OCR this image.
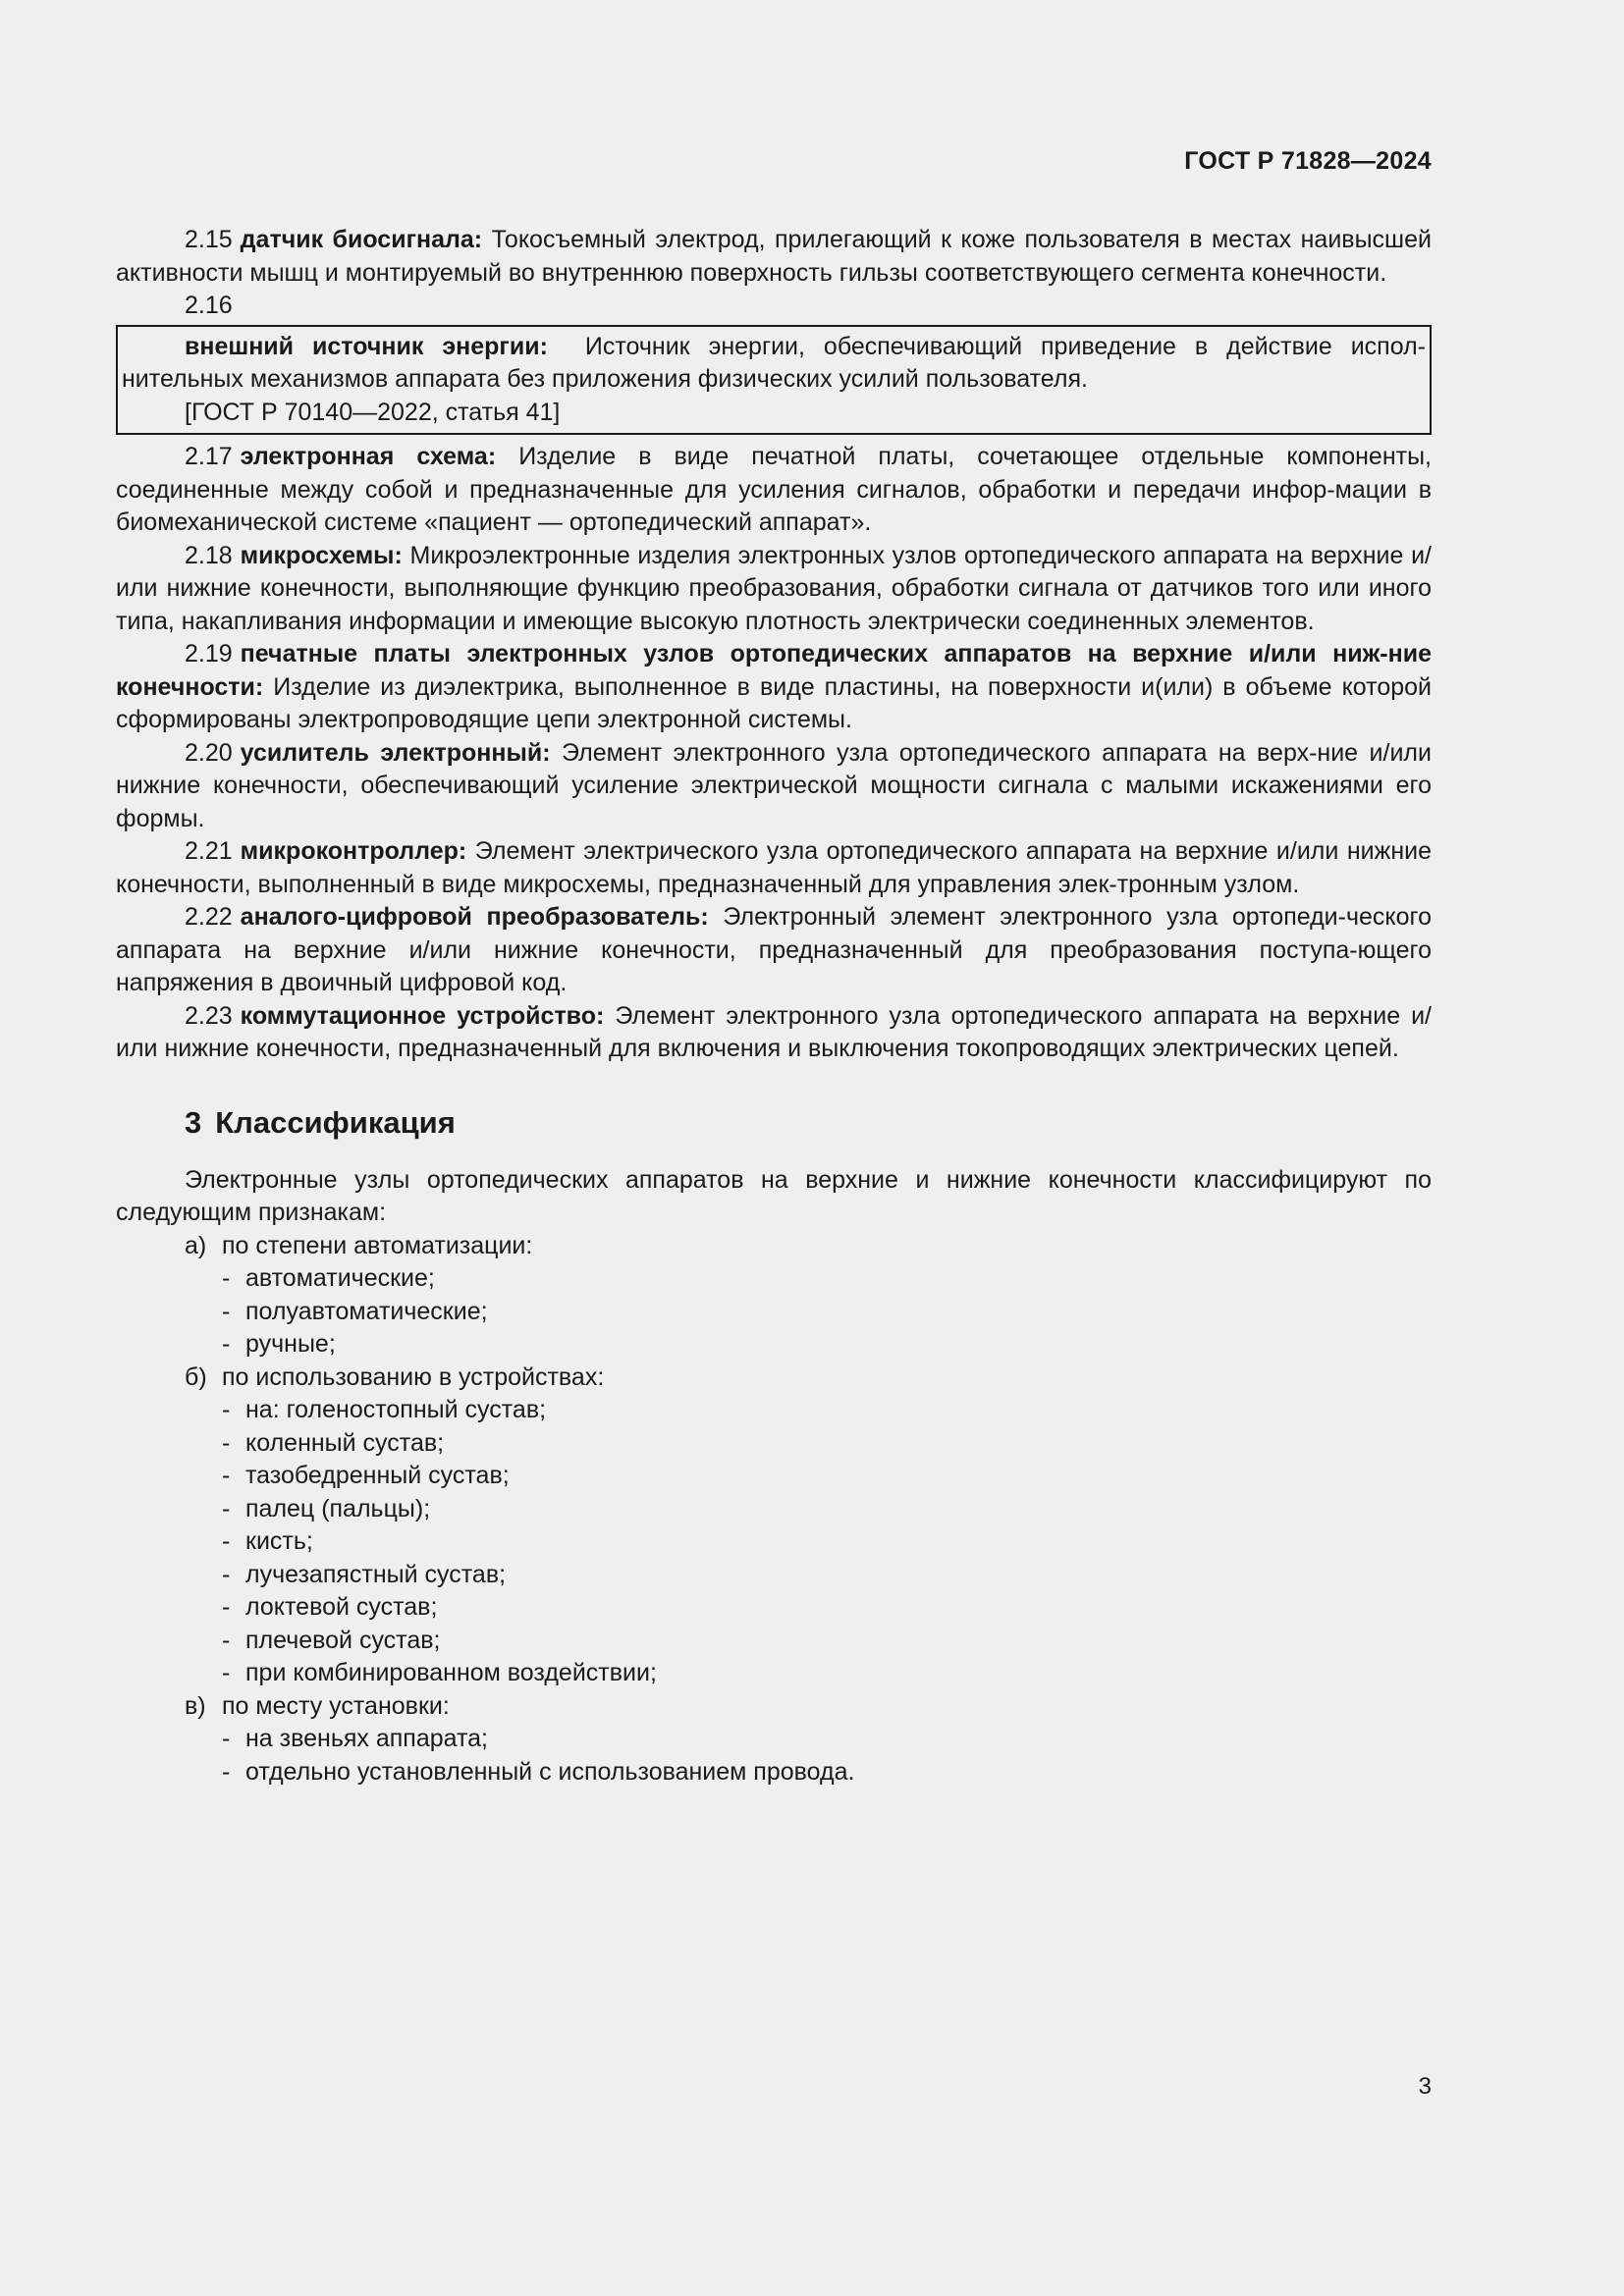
ГОСТ Р 71828—2024

2.15 датчик биосигнала: Токосъемный электрод, прилегающий к коже пользователя в местах наивысшей активности мышц и монтируемый во внутреннюю поверхность гильзы соответствующего сегмента конечности.

2.16

внешний источник энергии: Источник энергии, обеспечивающий приведение в действие испол-нительных механизмов аппарата без приложения физических усилий пользователя.

[ГОСТ Р 70140—2022, статья 41]

2.17 электронная схема: Изделие в виде печатной платы, сочетающее отдельные компоненты, соединенные между собой и предназначенные для усиления сигналов, обработки и передачи инфор-мации в биомеханической системе «пациент — ортопедический аппарат».

2.18 микросхемы: Микроэлектронные изделия электронных узлов ортопедического аппарата на верхние и/или нижние конечности, выполняющие функцию преобразования, обработки сигнала от датчиков того или иного типа, накапливания информации и имеющие высокую плотность электрически соединенных элементов.

2.19 печатные платы электронных узлов ортопедических аппаратов на верхние и/или ниж-ние конечности: Изделие из диэлектрика, выполненное в виде пластины, на поверхности и(или) в объеме которой сформированы электропроводящие цепи электронной системы.

2.20 усилитель электронный: Элемент электронного узла ортопедического аппарата на верх-ние и/или нижние конечности, обеспечивающий усиление электрической мощности сигнала с малыми искажениями его формы.

2.21 микроконтроллер: Элемент электрического узла ортопедического аппарата на верхние и/или нижние конечности, выполненный в виде микросхемы, предназначенный для управления элек-тронным узлом.

2.22 аналого-цифровой преобразователь: Электронный элемент электронного узла ортопеди-ческого аппарата на верхние и/или нижние конечности, предназначенный для преобразования поступа-ющего напряжения в двоичный цифровой код.

2.23 коммутационное устройство: Элемент электронного узла ортопедического аппарата на верхние и/или нижние конечности, предназначенный для включения и выключения токопроводящих электрических цепей.

3 Классификация

Электронные узлы ортопедических аппаратов на верхние и нижние конечности классифицируют по следующим признакам:

а) по степени автоматизации:
- автоматические;
- полуавтоматические;
- ручные;
б) по использованию в устройствах:
- на: голеностопный сустав;
- коленный сустав;
- тазобедренный сустав;
- палец (пальцы);
- кисть;
- лучезапястный сустав;
- локтевой сустав;
- плечевой сустав;
- при комбинированном воздействии;
в) по месту установки:
- на звеньях аппарата;
- отдельно установленный с использованием провода.
3
